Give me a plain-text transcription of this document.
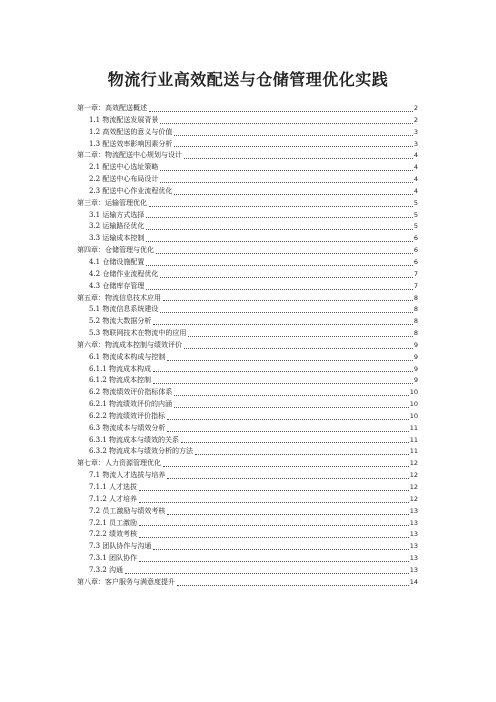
物流行业高效配送与仓储管理优化实践
第一章：高效配送概述	2
1.1 物流配送发展背景	2
1.2 高效配送的意义与价值	3
1.3 配送效率影响因素分析	3
第二章：物流配送中心规划与设计	4
2.1 配送中心选址策略	4
2.2 配送中心布局设计	4
2.3 配送中心作业流程优化	4
第三章：运输管理优化	5
3.1 运输方式选择	5
3.2 运输路径优化	5
3.3 运输成本控制	6
第四章：仓储管理与优化	6
4.1 仓储设施配置	6
4.2 仓储作业流程优化	7
4.3 仓储库存管理	7
第五章：物流信息技术应用	8
5.1 物流信息系统建设	8
5.2 物流大数据分析	8
5.3 物联网技术在物流中的应用	8
第六章：物流成本控制与绩效评价	9
6.1 物流成本构成与控制	9
6.1.1 物流成本构成	9
6.1.2 物流成本控制	9
6.2 物流绩效评价指标体系	10
6.2.1 物流绩效评价的内涵	10
6.2.2 物流绩效评价指标	10
6.3 物流成本与绩效分析	11
6.3.1 物流成本与绩效的关系	11
6.3.2 物流成本与绩效分析的方法	11
第七章：人力资源管理优化	12
7.1 物流人才选拔与培养	12
7.1.1 人才选拔	12
7.1.2 人才培养	12
7.2 员工激励与绩效考核	13
7.2.1 员工激励	13
7.2.2 绩效考核	13
7.3 团队协作与沟通	13
7.3.1 团队协作	13
7.3.2 沟通	13
第八章：客户服务与满意度提升	14
